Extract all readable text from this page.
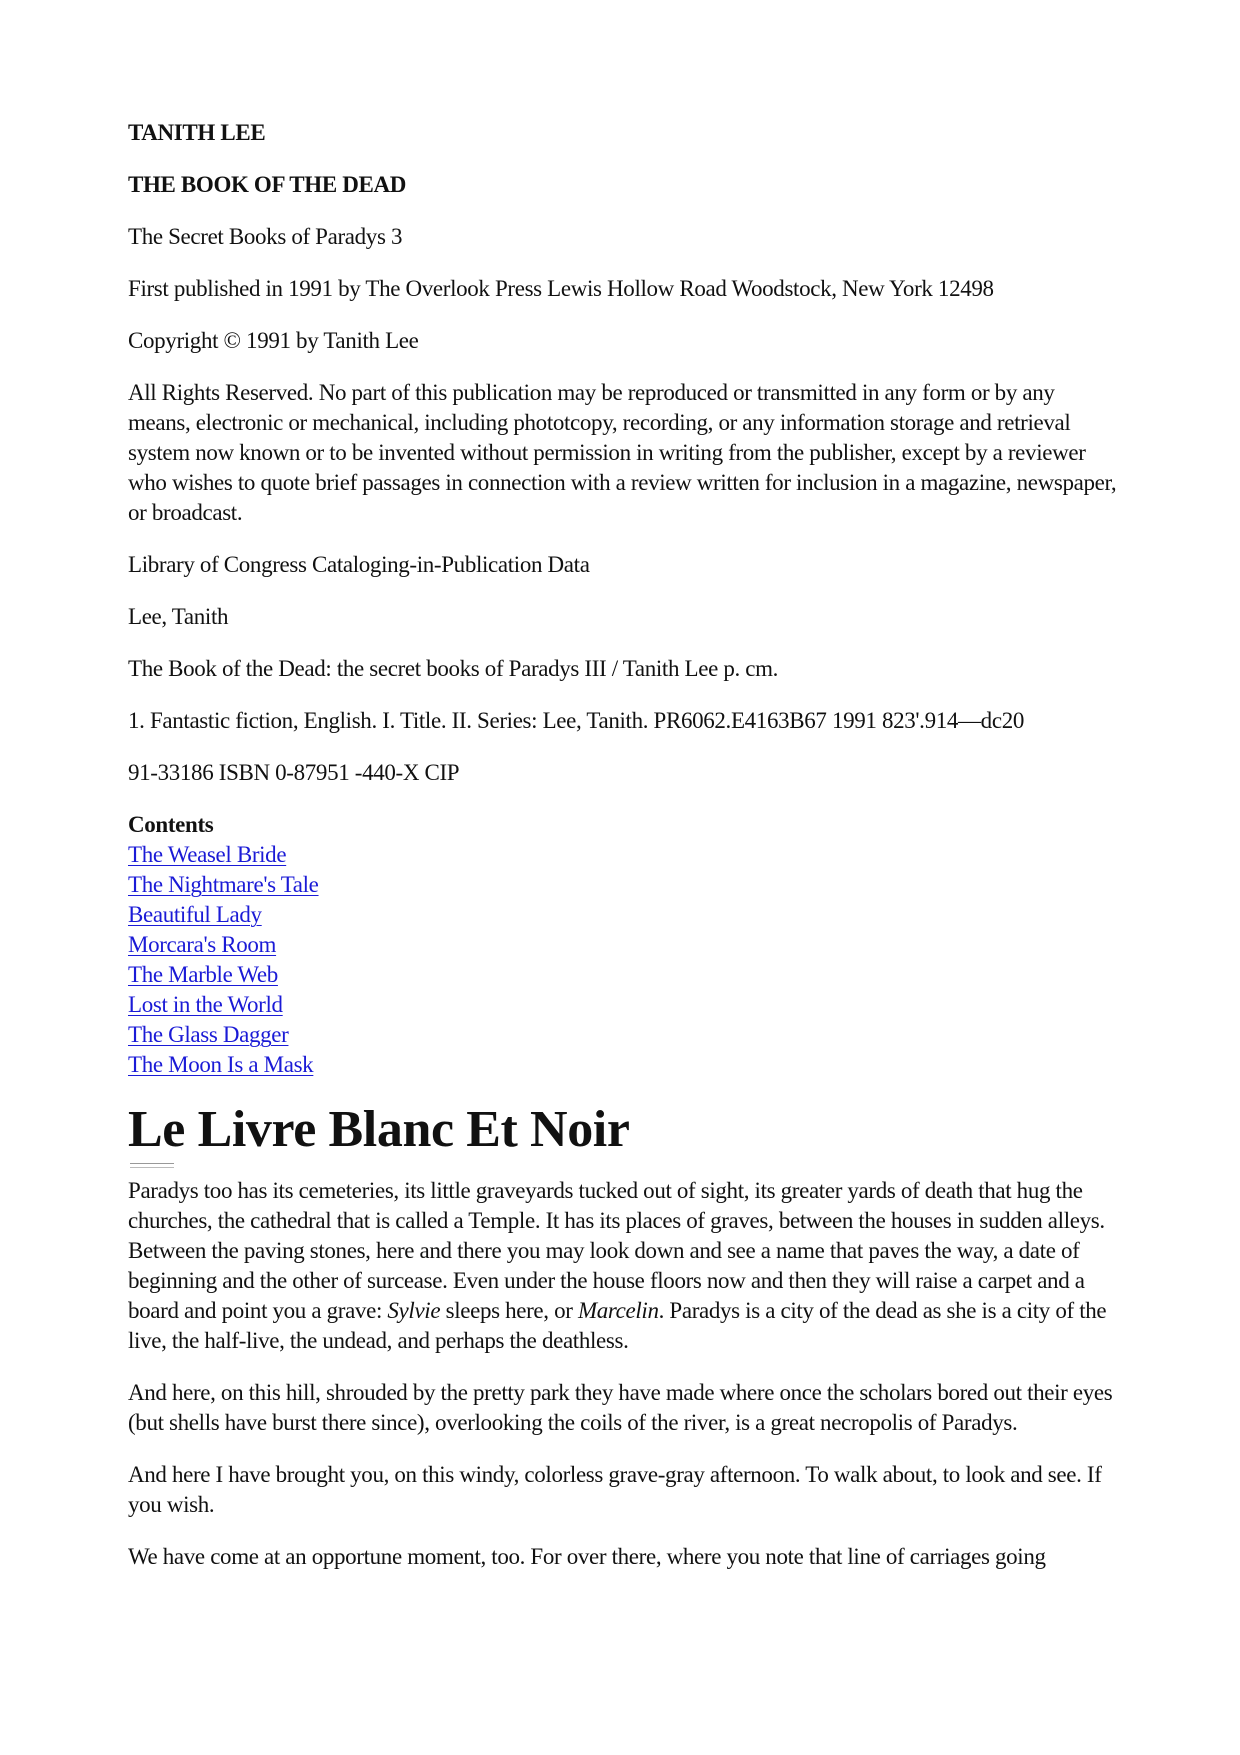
TANITH LEE

THE BOOK OF THE DEAD

The Secret Books of Paradys 3

First published in 1991 by The Overlook Press Lewis Hollow Road Woodstock, New York 12498

Copyright © 1991 by Tanith Lee

All Rights Reserved. No part of this publication may be reproduced or transmitted in any form or by any means, electronic or mechanical, including phototcopy, recording, or any information storage and retrieval system now known or to be invented without permission in writing from the publisher, except by a reviewer who wishes to quote brief passages in connection with a review written for inclusion in a magazine, newspaper, or broadcast.

Library of Congress Cataloging-in-Publication Data

Lee, Tanith

The Book of the Dead: the secret books of Paradys III / Tanith Lee p. cm.

1. Fantastic fiction, English. I. Title. II. Series: Lee, Tanith. PR6062.E4163B67 1991 823'.914—dc20

91-33186 ISBN 0-87951 -440-X CIP

Contents

The Weasel Bride
The Nightmare's Tale
Beautiful Lady
Morcara's Room
The Marble Web
Lost in the World
The Glass Dagger
The Moon Is a Mask
Le Livre Blanc Et Noir

Paradys too has its cemeteries, its little graveyards tucked out of sight, its greater yards of death that hug the churches, the cathedral that is called a Temple. It has its places of graves, between the houses in sudden alleys. Between the paving stones, here and there you may look down and see a name that paves the way, a date of beginning and the other of surcease. Even under the house floors now and then they will raise a carpet and a board and point you a grave: Sylvie sleeps here, or Marcelin. Paradys is a city of the dead as she is a city of the live, the half-live, the undead, and perhaps the deathless.

And here, on this hill, shrouded by the pretty park they have made where once the scholars bored out their eyes (but shells have burst there since), overlooking the coils of the river, is a great necropolis of Paradys.

And here I have brought you, on this windy, colorless grave-gray afternoon. To walk about, to look and see. If you wish.

We have come at an opportune moment, too. For over there, where you note that line of carriages going
